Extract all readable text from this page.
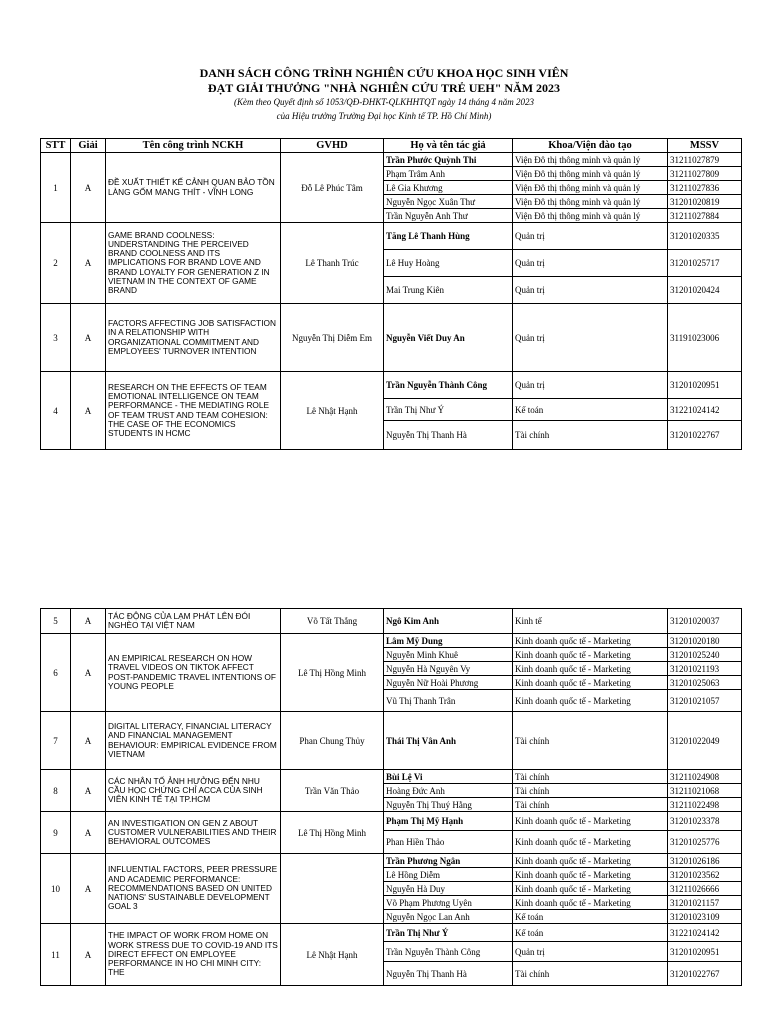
DANH SÁCH CÔNG TRÌNH NGHIÊN CỨU KHOA HỌC SINH VIÊN
ĐẠT GIẢI THƯỞNG "NHÀ NGHIÊN CỨU TRẺ UEH" NĂM 2023
(Kèm theo Quyết định số 1053/QĐ-ĐHKT-QLKHHTQT ngày 14 tháng 4 năm 2023
của Hiệu trưởng Trường Đại học Kinh tế TP. Hồ Chí Minh)
STT	Giải	Tên công trình NCKH	GVHD	Họ và tên tác giả	Khoa/Viện đào tạo	MSSV
1	A	ĐỀ XUẤT THIẾT KẾ CẢNH QUAN BẢO TỒN LÀNG GỐM MANG THÍT - VĨNH LONG	Đỗ Lê Phúc Tâm	Trần Phước Quỳnh Thi	Viện Đô thị thông minh và quản lý	31211027879
				Phạm Trâm Anh	Viện Đô thị thông minh và quản lý	31211027809
				Lê Gia Khương	Viện Đô thị thông minh và quản lý	31211027836
				Nguyễn Ngọc Xuân Thư	Viện Đô thị thông minh và quản lý	31201020819
				Trần Nguyễn Anh Thư	Viện Đô thị thông minh và quản lý	31211027884
2	A	GAME BRAND COOLNESS: UNDERSTANDING THE PERCEIVED BRAND COOLNESS AND ITS IMPLICATIONS FOR BRAND LOVE AND BRAND LOYALTY FOR GENERATION Z IN VIETNAM IN THE CONTEXT OF GAME BRAND	Lê Thanh Trúc	Tăng Lê Thanh Hùng	Quản trị	31201020335
				Lê Huy Hoàng	Quản trị	31201025717
				Mai Trung Kiên	Quản trị	31201020424
3	A	FACTORS AFFECTING JOB SATISFACTION IN A RELATIONSHIP WITH ORGANIZATIONAL COMMITMENT AND EMPLOYEES' TURNOVER INTENTION	Nguyễn Thị Diễm Em	Nguyễn Viết Duy An	Quản trị	31191023006
4	A	RESEARCH ON THE EFFECTS OF TEAM EMOTIONAL INTELLIGENCE ON TEAM PERFORMANCE - THE MEDIATING ROLE OF TEAM TRUST AND TEAM COHESION: THE CASE OF THE ECONOMICS STUDENTS IN HCMC	Lê Nhật Hạnh	Trần Nguyễn Thành Công	Quản trị	31201020951
				Trần Thị Như Ý	Kế toán	31221024142
				Nguyễn Thị Thanh Hà	Tài chính	31201022767
5	A	TÁC ĐỘNG CỦA LẠM PHÁT LÊN ĐÓI NGHÈO TẠI VIỆT NAM	Võ Tất Thắng	Ngô Kim Anh	Kinh tế	31201020037
6	A	AN EMPIRICAL RESEARCH ON HOW TRAVEL VIDEOS ON TIKTOK AFFECT POST-PANDEMIC TRAVEL INTENTIONS OF YOUNG PEOPLE	Lê Thị Hồng Minh	Lâm Mỹ Dung	Kinh doanh quốc tế - Marketing	31201020180
				Nguyễn Minh Khuê	Kinh doanh quốc tế - Marketing	31201025240
				Nguyễn Hà Nguyên Vy	Kinh doanh quốc tế - Marketing	31201021193
				Nguyễn Nữ Hoài Phương	Kinh doanh quốc tế - Marketing	31201025063
				Vũ Thị Thanh Trân	Kinh doanh quốc tế - Marketing	31201021057
7	A	DIGITAL LITERACY, FINANCIAL LITERACY AND FINANCIAL MANAGEMENT BEHAVIOUR: EMPIRICAL EVIDENCE FROM VIETNAM	Phan Chung Thủy	Thái Thị Vân Anh	Tài chính	31201022049
8	A	CÁC NHÂN TỐ ẢNH HƯỞNG ĐẾN NHU CẦU HỌC CHỨNG CHỈ ACCA CỦA SINH VIÊN KINH TẾ TẠI TP.HCM	Trần Văn Thảo	Bùi Lệ Vi	Tài chính	31211024908
				Hoàng Đức Anh	Tài chính	31211021068
				Nguyễn Thị Thuý Hằng	Tài chính	31211022498
9	A	AN INVESTIGATION ON GEN Z ABOUT CUSTOMER VULNERABILITIES AND THEIR BEHAVIORAL OUTCOMES	Lê Thị Hồng Minh	Phạm Thị Mỹ Hạnh	Kinh doanh quốc tế - Marketing	31201023378
				Phan Hiền Thảo	Kinh doanh quốc tế - Marketing	31201025776
10	A	INFLUENTIAL FACTORS, PEER PRESSURE AND ACADEMIC PERFORMANCE: RECOMMENDATIONS BASED ON UNITED NATIONS' SUSTAINABLE DEVELOPMENT GOAL 3		Trần Phương Ngân	Kinh doanh quốc tế - Marketing	31201026186
				Lê Hồng Diễm	Kinh doanh quốc tế - Marketing	31201023562
				Nguyễn Hà Duy	Kinh doanh quốc tế - Marketing	31211026666
				Võ Phạm Phương Uyên	Kinh doanh quốc tế - Marketing	31201021157
				Nguyễn Ngọc Lan Anh	Kế toán	31201023109
11	A	THE IMPACT OF WORK FROM HOME ON WORK STRESS DUE TO COVID-19 AND ITS DIRECT EFFECT ON EMPLOYEE PERFORMANCE IN HO CHI MINH CITY: THE	Lê Nhật Hạnh	Trần Thị Như Ý	Kế toán	31221024142
				Trần Nguyễn Thành Công	Quản trị	31201020951
				Nguyễn Thị Thanh Hà	Tài chính	31201022767
